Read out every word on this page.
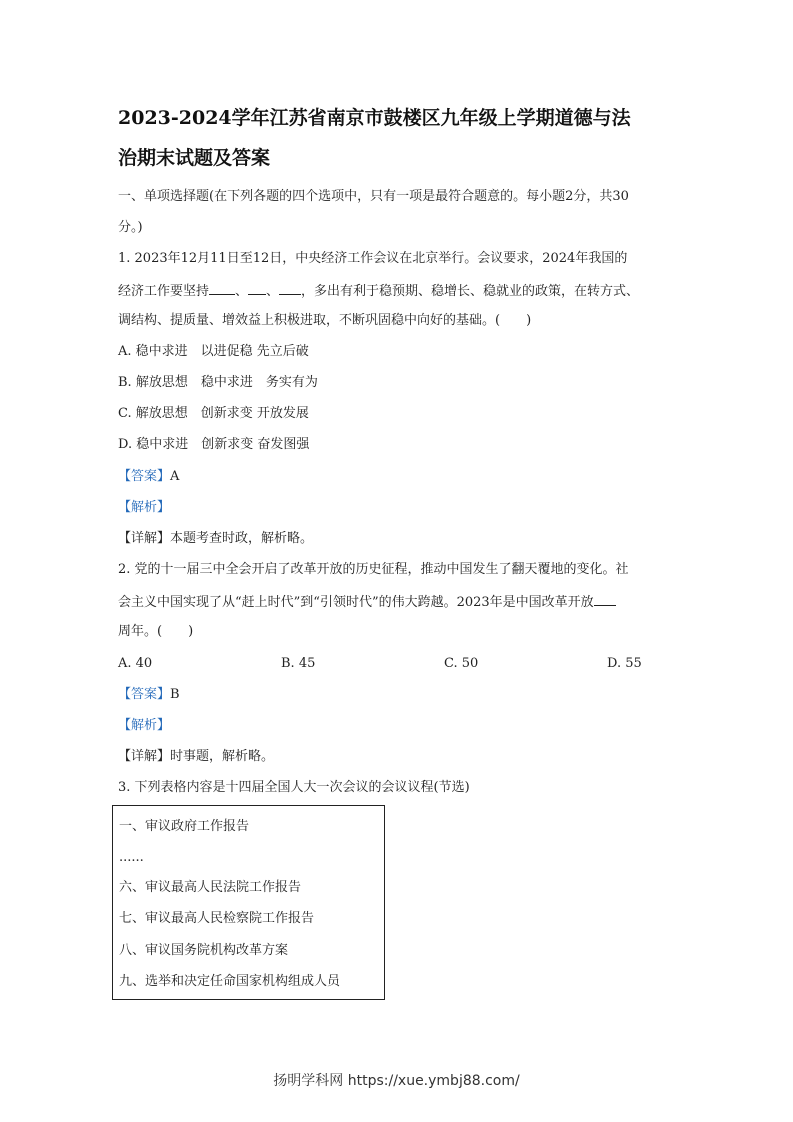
2023-2024学年江苏省南京市鼓楼区九年级上学期道德与法
治期末试题及答案
一、单项选择题(在下列各题的四个选项中，只有一项是最符合题意的。每小题2分，共30
分。)
1. 2023年12月11日至12日，中央经济工作会议在北京举行。会议要求，2024年我国的
经济工作要坚持 、 、 ，多出有利于稳预期、稳增长、稳就业的政策，在转方式、
调结构、提质量、增效益上积极进取，不断巩固稳中向好的基础。(　　)
A. 稳中求进　以进促稳 先立后破
B. 解放思想　稳中求进　务实有为
C. 解放思想　创新求变 开放发展
D. 稳中求进　创新求变 奋发图强
【答案】A
【解析】
【详解】本题考查时政，解析略。
2. 党的十一届三中全会开启了改革开放的历史征程，推动中国发生了翻天覆地的变化。社
会主义中国实现了从“赶上时代”到“引领时代”的伟大跨越。2023年是中国改革开放
周年。(　　)
A. 40	B. 45	C. 50	D. 55
【答案】B
【解析】
【详解】时事题，解析略。
3. 下列表格内容是十四届全国人大一次会议的会议议程(节选)
一、审议政府工作报告
......
六、审议最高人民法院工作报告
七、审议最高人民检察院工作报告
八、审议国务院机构改革方案
九、选举和决定任命国家机构组成人员
扬明学科网 https://xue.ymbj88.com/
